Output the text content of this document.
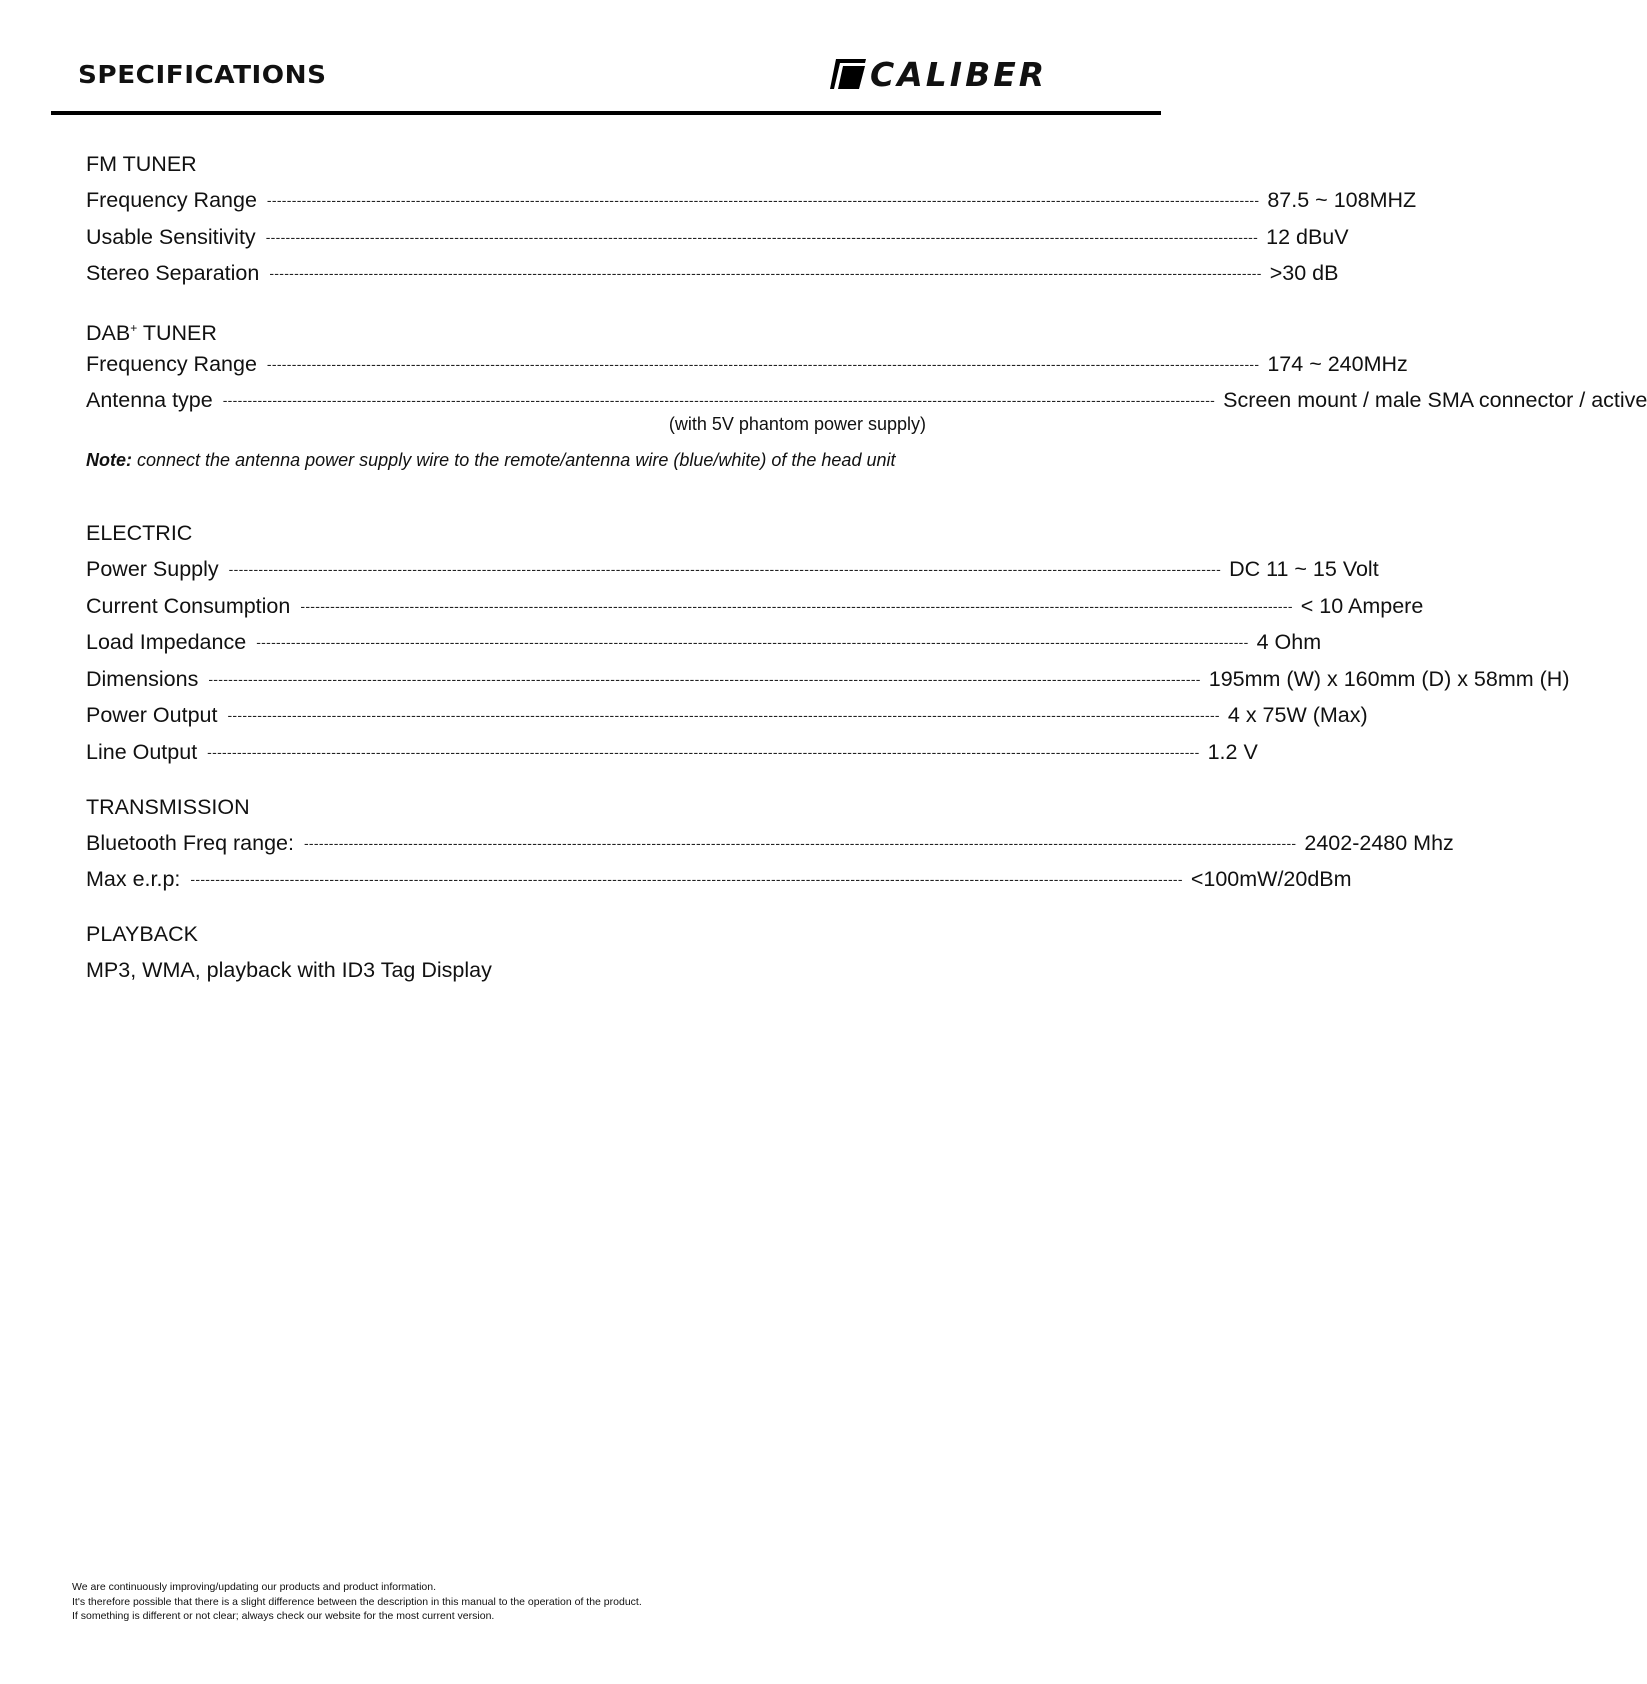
SPECIFICATIONS	CALIBER
FM TUNER
Frequency Range -------------------------------------------------------------------------------------------------------------------------------------------------------------------------------------------------------- 87.5 ~ 108MHZ
Usable Sensitivity -------------------------------------------------------------------------------------------------------------------------------------------------------------------------------------------------------- 12 dBuV
Stereo Separation -------------------------------------------------------------------------------------------------------------------------------------------------------------------------------------------------------- >30 dB
DAB+ TUNER
Frequency Range -------------------------------------------------------------------------------------------------------------------------------------------------------------------------------------------------------- 174 ~ 240MHz
Antenna type -------------------------------------------------------------------------------------------------------------------------------------------------------------------------------------------------------- Screen mount / male SMA connector / active
(with 5V phantom power supply)
Note: connect the antenna power supply wire to the remote/antenna wire (blue/white) of the head unit
ELECTRIC
Power Supply -------------------------------------------------------------------------------------------------------------------------------------------------------------------------------------------------------- DC 11 ~ 15 Volt
Current Consumption -------------------------------------------------------------------------------------------------------------------------------------------------------------------------------------------------------- < 10 Ampere
Load Impedance -------------------------------------------------------------------------------------------------------------------------------------------------------------------------------------------------------- 4 Ohm
Dimensions -------------------------------------------------------------------------------------------------------------------------------------------------------------------------------------------------------- 195mm (W) x 160mm (D) x 58mm (H)
Power Output -------------------------------------------------------------------------------------------------------------------------------------------------------------------------------------------------------- 4 x 75W (Max)
Line Output -------------------------------------------------------------------------------------------------------------------------------------------------------------------------------------------------------- 1.2 V
TRANSMISSION
Bluetooth Freq range: -------------------------------------------------------------------------------------------------------------------------------------------------------------------------------------------------------- 2402-2480 Mhz
Max e.r.p: -------------------------------------------------------------------------------------------------------------------------------------------------------------------------------------------------------- <100mW/20dBm
PLAYBACK
MP3, WMA, playback with ID3 Tag Display
We are continuously improving/updating our products and product information.
It's therefore possible that there is a slight difference between the description in this manual to the operation of the product.
If something is different or not clear; always check our website for the most current version.
